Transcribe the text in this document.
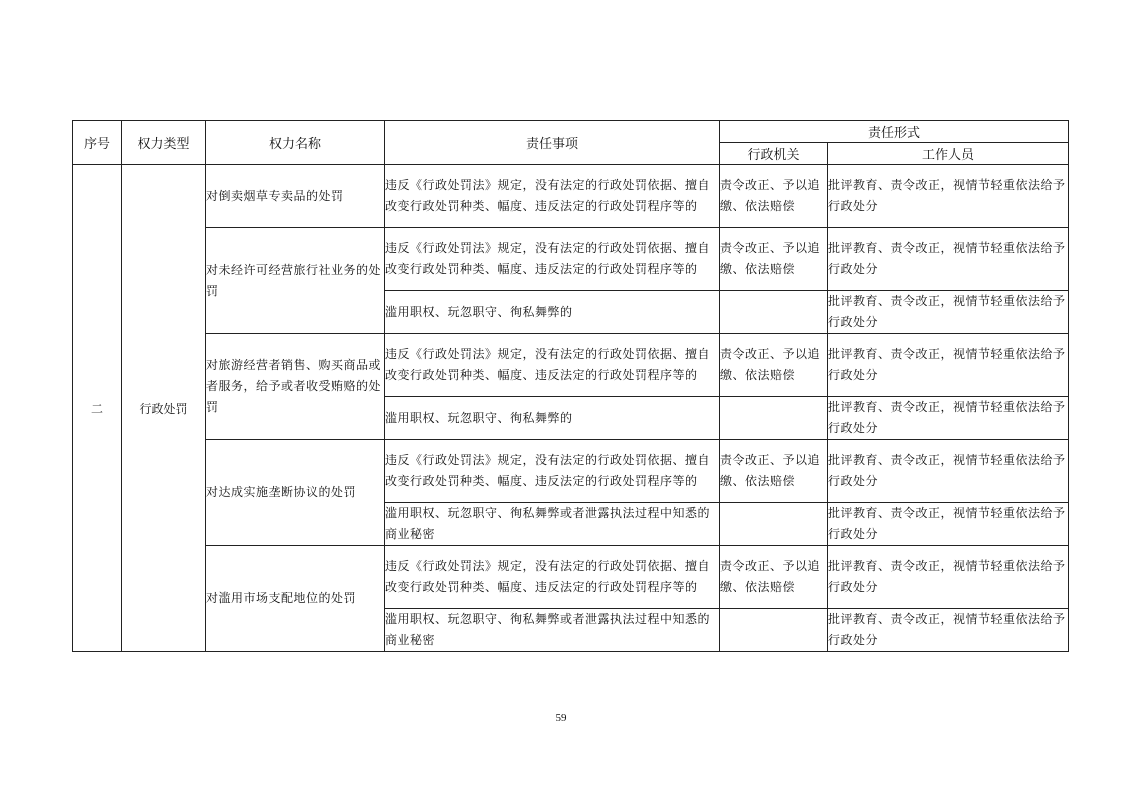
序号	权力类型	权力名称	责任事项	责任形式	
				行政机关	工作人员
二	行政处罚	对倒卖烟草专卖品的处罚	违反《行政处罚法》规定，没有法定的行政处罚依据、擅自改变行政处罚种类、幅度、违反法定的行政处罚程序等的	责令改正、予以追缴、依法赔偿	批评教育、责令改正，视情节轻重依法给予行政处分
		对未经许可经营旅行社业务的处罚	违反《行政处罚法》规定，没有法定的行政处罚依据、擅自改变行政处罚种类、幅度、违反法定的行政处罚程序等的	责令改正、予以追缴、依法赔偿	批评教育、责令改正，视情节轻重依法给予行政处分
			滥用职权、玩忽职守、徇私舞弊的		批评教育、责令改正，视情节轻重依法给予行政处分
		对旅游经营者销售、购买商品或者服务，给予或者收受贿赂的处罚	违反《行政处罚法》规定，没有法定的行政处罚依据、擅自改变行政处罚种类、幅度、违反法定的行政处罚程序等的	责令改正、予以追缴、依法赔偿	批评教育、责令改正，视情节轻重依法给予行政处分
			滥用职权、玩忽职守、徇私舞弊的		批评教育、责令改正，视情节轻重依法给予行政处分
		对达成实施垄断协议的处罚	违反《行政处罚法》规定，没有法定的行政处罚依据、擅自改变行政处罚种类、幅度、违反法定的行政处罚程序等的	责令改正、予以追缴、依法赔偿	批评教育、责令改正，视情节轻重依法给予行政处分
			滥用职权、玩忽职守、徇私舞弊或者泄露执法过程中知悉的商业秘密		批评教育、责令改正，视情节轻重依法给予行政处分
		对滥用市场支配地位的处罚	违反《行政处罚法》规定，没有法定的行政处罚依据、擅自改变行政处罚种类、幅度、违反法定的行政处罚程序等的	责令改正、予以追缴、依法赔偿	批评教育、责令改正，视情节轻重依法给予行政处分
			滥用职权、玩忽职守、徇私舞弊或者泄露执法过程中知悉的商业秘密		批评教育、责令改正，视情节轻重依法给予行政处分
59
